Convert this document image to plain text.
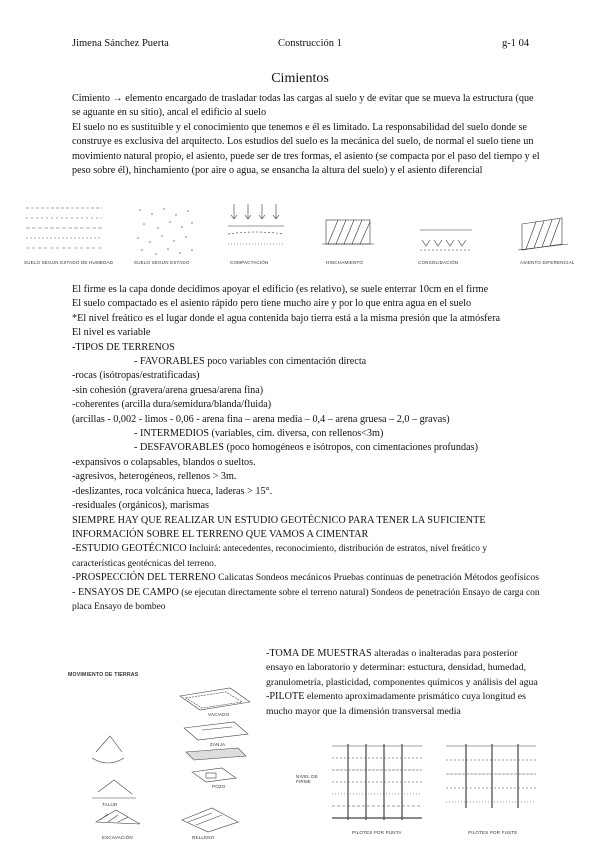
Jimena Sánchez Puerta	Construcción 1	g-1 04
Cimientos

Cimiento → elemento encargado de trasladar todas las cargas al suelo y de evitar que se mueva la estructura (que se aguante en su sitio), ancal el edificio al suelo

El suelo no es sustituible y el conocimiento que tenemos e él es limitado. La responsabilidad del suelo donde se construye es exclusiva del arquitecto. Los estudios del suelo es la mecánica del suelo, de normal el suelo tiene un movimiento natural propio, el asiento, puede ser de tres formas, el asiento (se compacta por el paso del tiempo y el peso sobre él), hinchamiento (por aire o agua, se ensancha la altura del suelo) y el asiento diferencial

SUELO SEGÚN ESTADO DE HUMEDAD	SUELO SEGÚN ESTADO	COMPACTACIÓN	HINCHAMIENTO	CONSOLIDACIÓN	ASIENTO DIFERENCIAL

El firme es la capa donde decidimos apoyar el edificio (es relativo), se suele enterrar 10cm en el firme

El suelo compactado es el asiento rápido pero tiene mucho aire y por lo que entra agua en el suelo

*El nivel freático es el lugar donde el agua contenida bajo tierra está a la misma presión que la atmósfera

El nivel es variable

-TIPOS DE TERRENOS

- FAVORABLES poco variables con cimentación directa

-rocas (isótropas/estratificadas)

-sin cohesión (gravera/arena gruesa/arena fina)

-coherentes (arcilla dura/semidura/blanda/fluida)

(arcillas - 0,002 - limos - 0,06 - arena fina – arena media – 0,4 – arena gruesa – 2,0 – gravas)

- INTERMEDIOS (variables, cim. diversa, con rellenos<3m)

- DESFAVORABLES (poco homogéneos e isótropos, con cimentaciones profundas)

-expansivos o colapsables, blandos o sueltos.

-agresivos, heterogéneos, rellenos > 3m.

-deslizantes, roca volcánica hueca, laderas > 15°.

-residuales (orgánicos), marismas

SIEMPRE HAY QUE REALIZAR UN ESTUDIO GEOTÉCNICO PARA TENER LA SUFICIENTE INFORMACIÓN SOBRE EL TERRENO QUE VAMOS A CIMENTAR

-ESTUDIO GEOTÉCNICO Incluirá: antecedentes, reconocimiento, distribución de estratos, nivel freático y características geotécnicas del terreno.

-PROSPECCIÓN DEL TERRENO Calicatas Sondeos mecánicos Pruebas continuas de penetración Métodos geofísicos

- ENSAYOS DE CAMPO (se ejecutan directamente sobre el terreno natural) Sondeos de penetración Ensayo de carga con placa Ensayo de bombeo

MOVIMIENTO DE TIERRAS
VACIADO
ZANJA
POZO
TALUD
EXCAVACIÓN	RELLENO

-TOMA DE MUESTRAS alteradas o inalteradas para posterior ensayo en laboratorio y determinar: estuctura, densidad, humedad, granulometría, plasticidad, componentes químicos y análisis del agua

-PILOTE elemento aproximadamente prismático cuya longitud es mucho mayor que la dimensión transversal media

NIVEL DE FIRME
PILOTES POR PUNTA	PILOTES POR FUSTE
